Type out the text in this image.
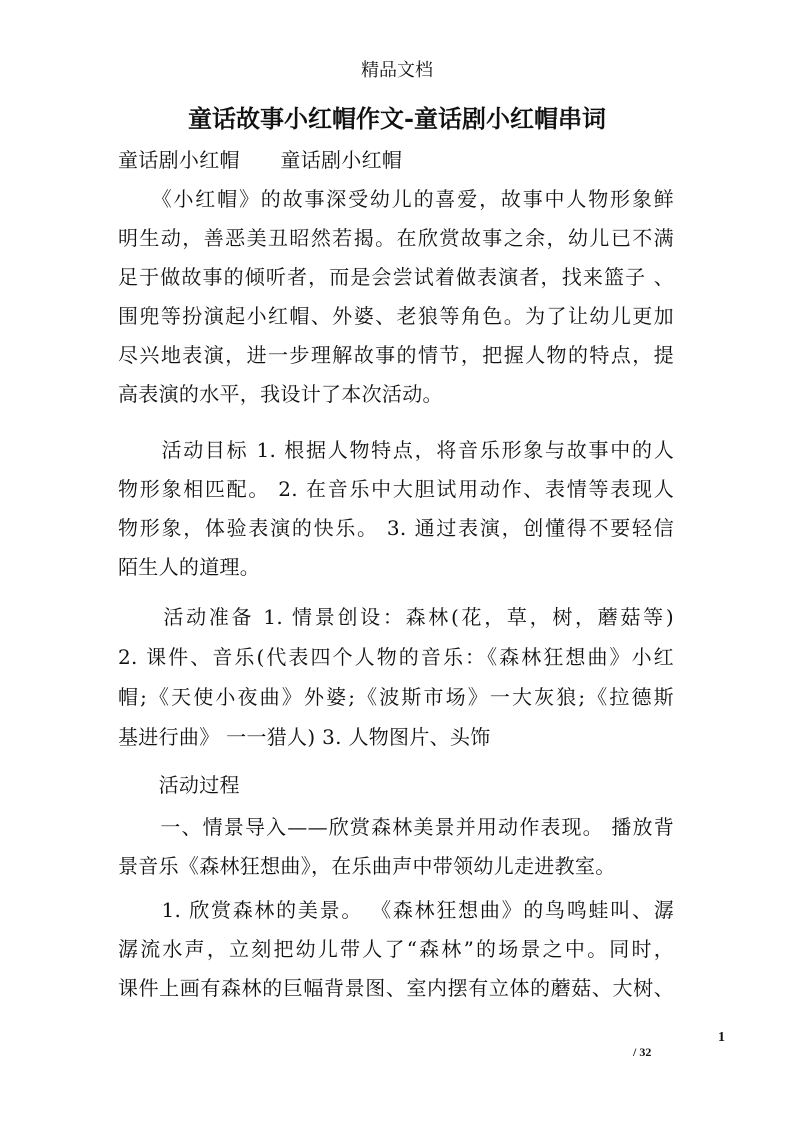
精品文档
童话故事小红帽作文-童话剧小红帽串词
童话剧小红帽　　童话剧小红帽
　　《小红帽》的故事深受幼儿的喜爱，故事中人物形象鲜
明生动，善恶美丑昭然若揭。在欣赏故事之余，幼儿已不满
足于做故事的倾听者，而是会尝试着做表演者，找来篮子 、
围兜等扮演起小红帽、外婆、老狼等角色。为了让幼儿更加
尽兴地表演，进一步理解故事的情节，把握人物的特点，提
高表演的水平，我设计了本次活动。
　　活动目标 1. 根据人物特点，将音乐形象与故事中的人
物形象相匹配。 2. 在音乐中大胆试用动作、表情等表现人
物形象，体验表演的快乐。 3. 通过表演，创懂得不要轻信
陌生人的道理。
　　活动准备 1. 情景创设：森林(花，草，树，蘑菇等)
2. 课件、音乐(代表四个人物的音乐：《森林狂想曲》小红
帽;《天使小夜曲》外婆;《波斯市场》一大灰狼;《拉德斯
基进行曲》 一一猎人) 3. 人物图片、头饰
　　活动过程
　　一、情景导入——欣赏森林美景并用动作表现。 播放背
景音乐《森林狂想曲》，在乐曲声中带领幼儿走进教室。
　　1. 欣赏森林的美景。 《森林狂想曲》的鸟鸣蛙叫、潺
潺流水声，立刻把幼儿带人了“森林”的场景之中。同时，
课件上画有森林的巨幅背景图、室内摆有立体的蘑菇、大树、
1
/ 32
